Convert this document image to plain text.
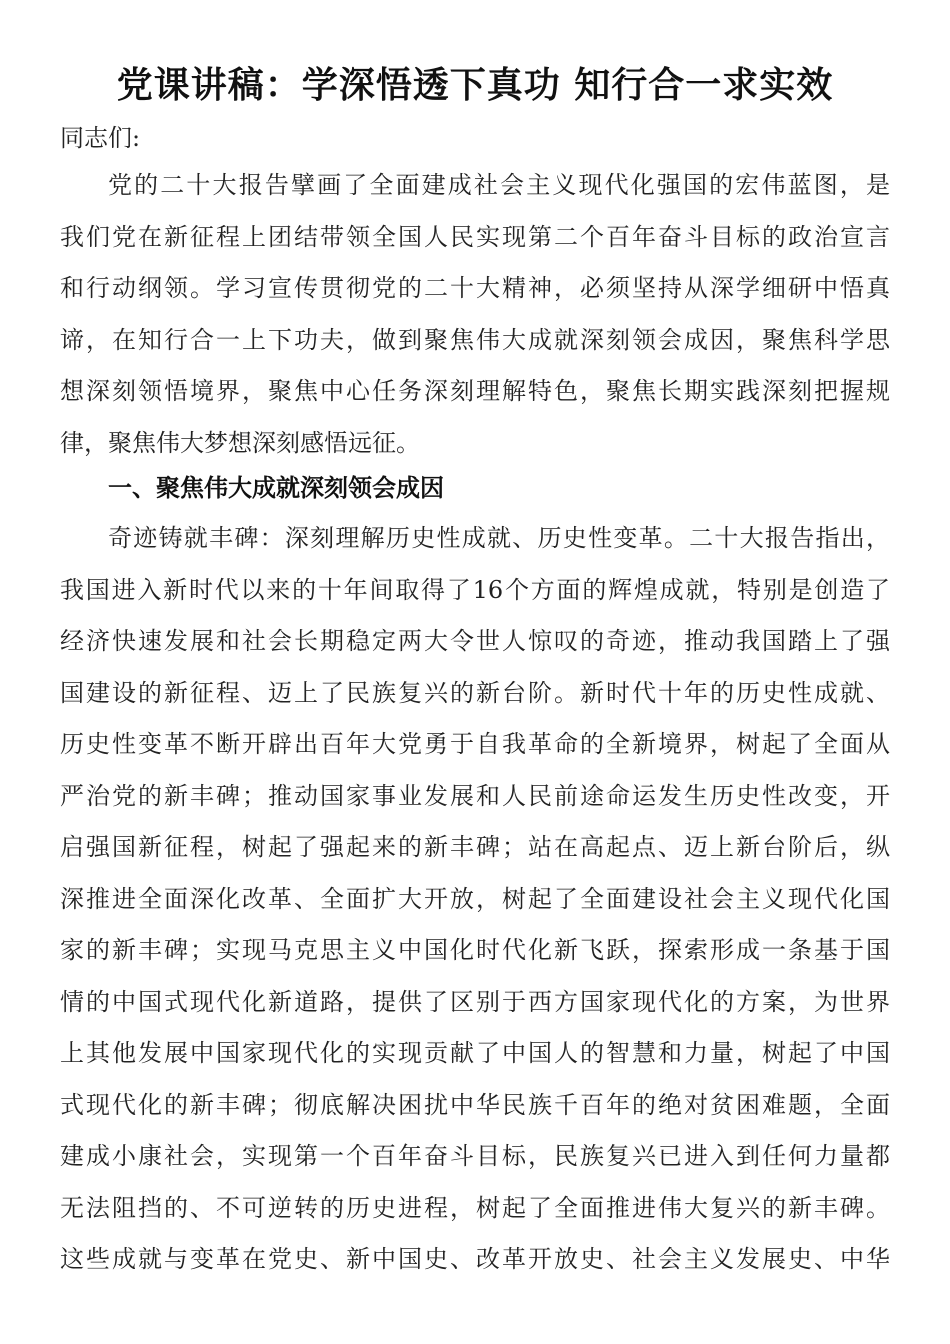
党课讲稿：学深悟透下真功 知行合一求实效
同志们:
党的二十大报告擘画了全面建成社会主义现代化强国的宏伟蓝图，是
我们党在新征程上团结带领全国人民实现第二个百年奋斗目标的政治宣言
和行动纲领。学习宣传贯彻党的二十大精神，必须坚持从深学细研中悟真
谛，在知行合一上下功夫，做到聚焦伟大成就深刻领会成因，聚焦科学思
想深刻领悟境界，聚焦中心任务深刻理解特色，聚焦长期实践深刻把握规
律，聚焦伟大梦想深刻感悟远征。
一、聚焦伟大成就深刻领会成因
奇迹铸就丰碑：深刻理解历史性成就、历史性变革。二十大报告指出，
我国进入新时代以来的十年间取得了16个方面的辉煌成就，特别是创造了
经济快速发展和社会长期稳定两大令世人惊叹的奇迹，推动我国踏上了强
国建设的新征程、迈上了民族复兴的新台阶。新时代十年的历史性成就、
历史性变革不断开辟出百年大党勇于自我革命的全新境界，树起了全面从
严治党的新丰碑；推动国家事业发展和人民前途命运发生历史性改变，开
启强国新征程，树起了强起来的新丰碑；站在高起点、迈上新台阶后，纵
深推进全面深化改革、全面扩大开放，树起了全面建设社会主义现代化国
家的新丰碑；实现马克思主义中国化时代化新飞跃，探索形成一条基于国
情的中国式现代化新道路，提供了区别于西方国家现代化的方案，为世界
上其他发展中国家现代化的实现贡献了中国人的智慧和力量，树起了中国
式现代化的新丰碑；彻底解决困扰中华民族千百年的绝对贫困难题，全面
建成小康社会，实现第一个百年奋斗目标，民族复兴已进入到任何力量都
无法阻挡的、不可逆转的历史进程，树起了全面推进伟大复兴的新丰碑。
这些成就与变革在党史、新中国史、改革开放史、社会主义发展史、中华
